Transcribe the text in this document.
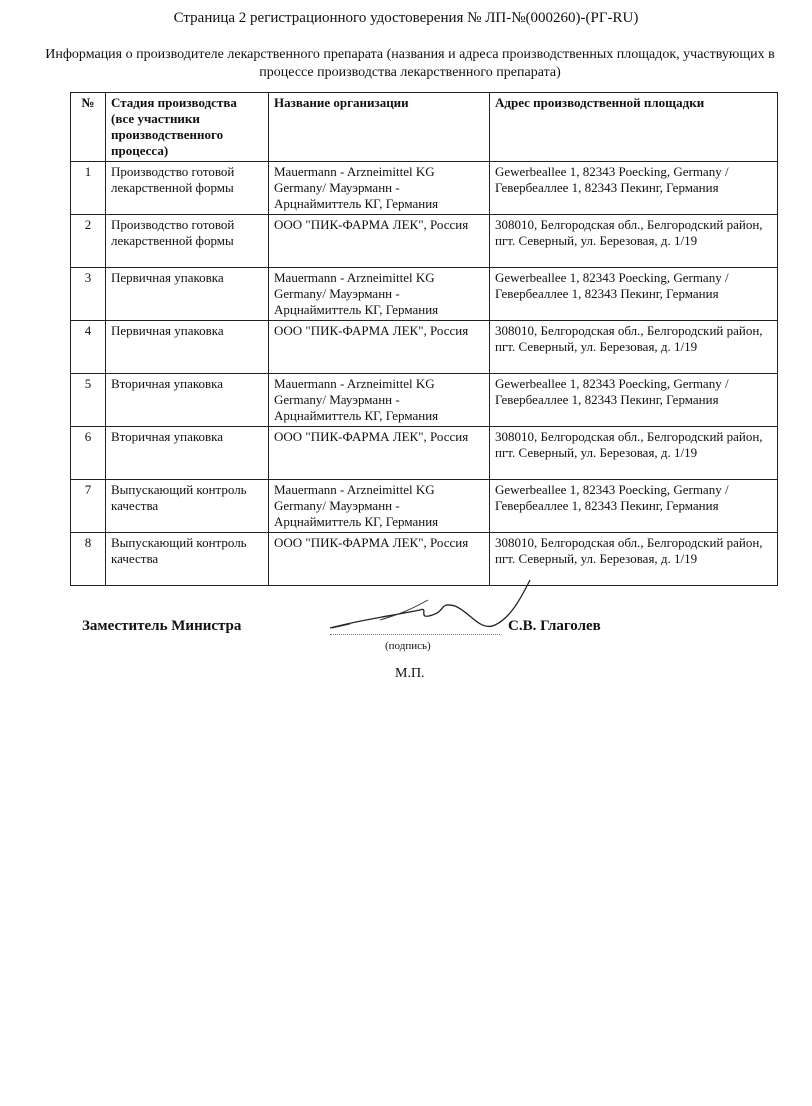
Страница 2 регистрационного удостоверения № ЛП-№(000260)-(РГ-RU)
Информация о производителе лекарственного препарата (названия и адреса производственных площадок, участвующих в процессе производства лекарственного препарата)
№	Стадия производства (все участники производственного процесса)	Название организации	Адрес производственной площадки
1	Производство готовой лекарственной формы	Mauermann - Arzneimittel KG Germany/ Мауэрманн - Арцнаймиттель КГ, Германия	Gewerbeallee 1, 82343 Poecking, Germany / Гевербеаллее 1, 82343 Пекинг, Германия
2	Производство готовой лекарственной формы	ООО "ПИК-ФАРМА ЛЕК", Россия	308010, Белгородская обл., Белгородский район, пгт. Северный, ул. Березовая, д. 1/19
3	Первичная упаковка	Mauermann - Arzneimittel KG Germany/ Мауэрманн - Арцнаймиттель КГ, Германия	Gewerbeallee 1, 82343 Poecking, Germany / Гевербеаллее 1, 82343 Пекинг, Германия
4	Первичная упаковка	ООО "ПИК-ФАРМА ЛЕК", Россия	308010, Белгородская обл., Белгородский район, пгт. Северный, ул. Березовая, д. 1/19
5	Вторичная упаковка	Mauermann - Arzneimittel KG Germany/ Мауэрманн - Арцнаймиттель КГ, Германия	Gewerbeallee 1, 82343 Poecking, Germany / Гевербеаллее 1, 82343 Пекинг, Германия
6	Вторичная упаковка	ООО "ПИК-ФАРМА ЛЕК", Россия	308010, Белгородская обл., Белгородский район, пгт. Северный, ул. Березовая, д. 1/19
7	Выпускающий контроль качества	Mauermann - Arzneimittel KG Germany/ Мауэрманн - Арцнаймиттель КГ, Германия	Gewerbeallee 1, 82343 Poecking, Germany / Гевербеаллее 1, 82343 Пекинг, Германия
8	Выпускающий контроль качества	ООО "ПИК-ФАРМА ЛЕК", Россия	308010, Белгородская обл., Белгородский район, пгт. Северный, ул. Березовая, д. 1/19
Заместитель Министра	С.В. Глаголев
(подпись)
М.П.
